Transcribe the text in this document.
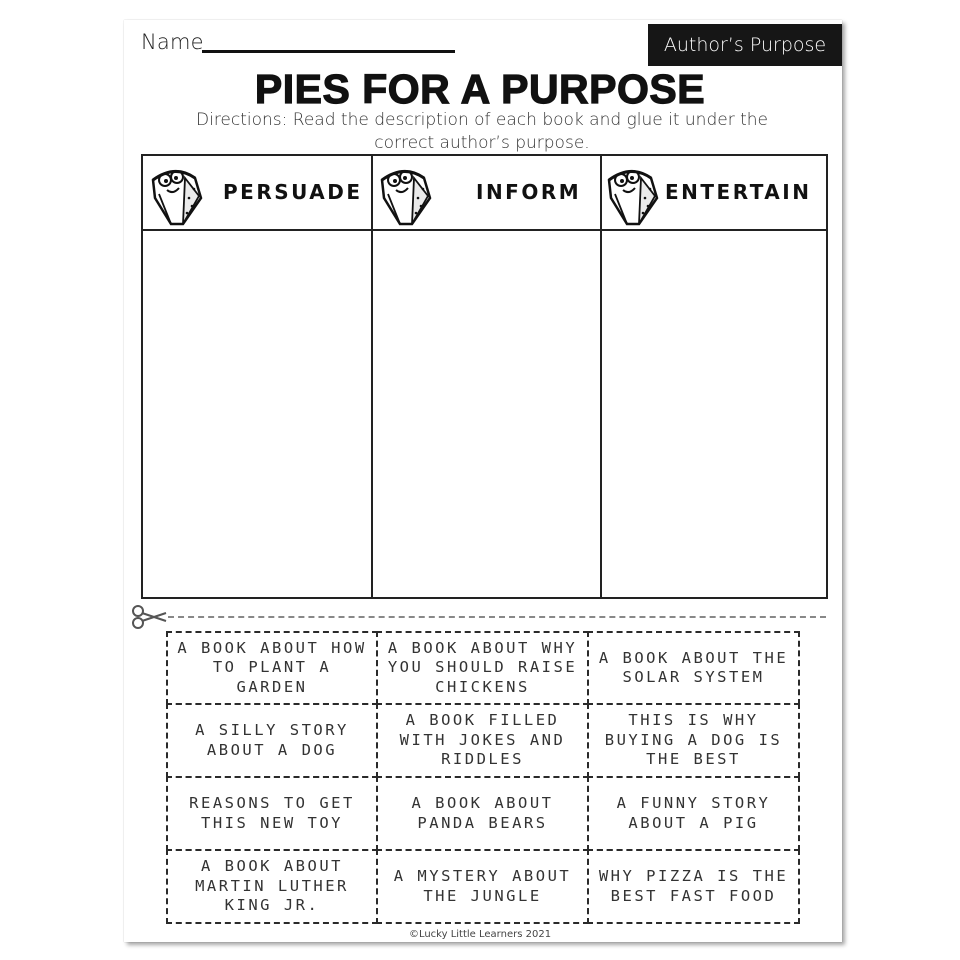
Name	Author’s Purpose
PIES FOR A PURPOSE
Directions: Read the description of each book and glue it under the correct author’s purpose.
PERSUADE	INFORM	ENTERTAIN
A BOOK ABOUT HOW TO PLANT A GARDEN
A BOOK ABOUT WHY YOU SHOULD RAISE CHICKENS
A BOOK ABOUT THE SOLAR SYSTEM
A SILLY STORY ABOUT A DOG
A BOOK FILLED WITH JOKES AND RIDDLES
THIS IS WHY BUYING A DOG IS THE BEST
REASONS TO GET THIS NEW TOY
A BOOK ABOUT PANDA BEARS
A FUNNY STORY ABOUT A PIG
A BOOK ABOUT MARTIN LUTHER KING JR.
A MYSTERY ABOUT THE JUNGLE
WHY PIZZA IS THE BEST FAST FOOD
©Lucky Little Learners 2021
